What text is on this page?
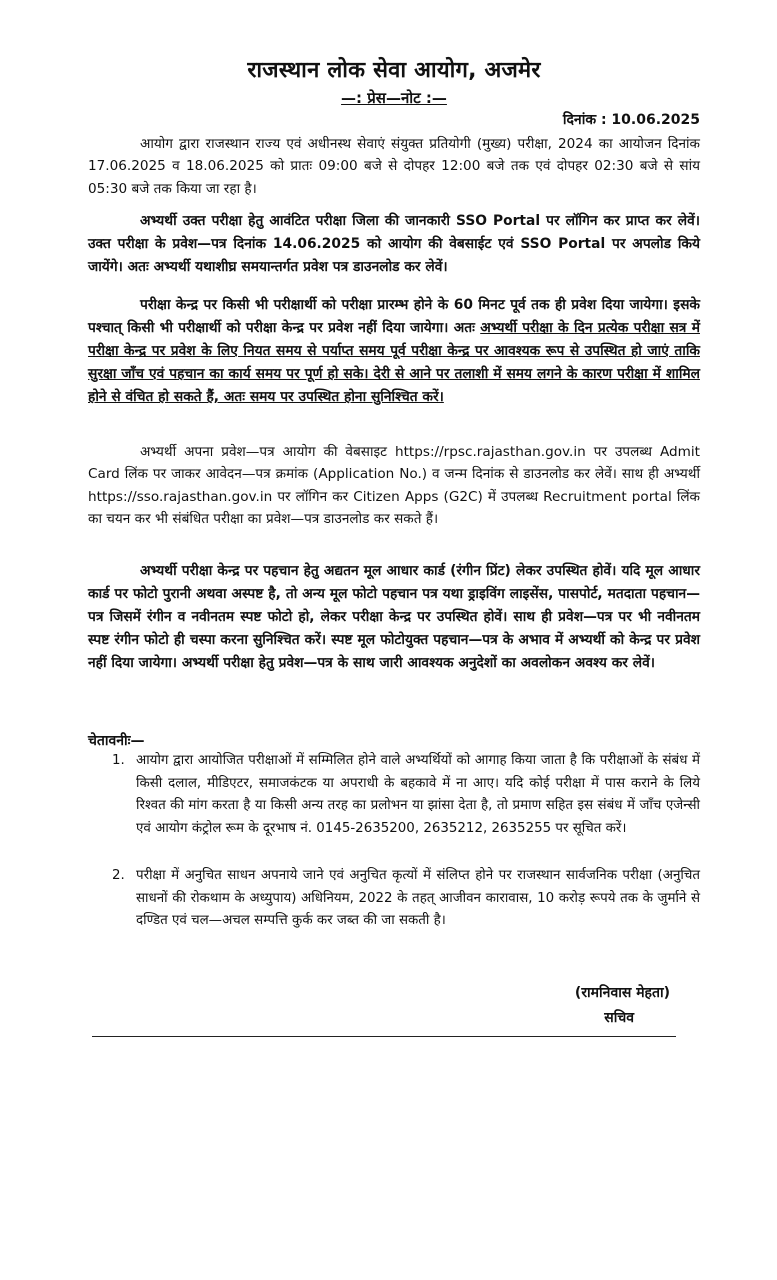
राजस्थान लोक सेवा आयोग, अजमेर
—: प्रेस—नोट :—
दिनांक : 10.06.2025

आयोग द्वारा राजस्थान राज्य एवं अधीनस्थ सेवाएं संयुक्त प्रतियोगी (मुख्य) परीक्षा, 2024 का आयोजन दिनांक 17.06.2025 व 18.06.2025 को प्रातः 09:00 बजे से दोपहर 12:00 बजे तक एवं दोपहर 02:30 बजे से सांय 05:30 बजे तक किया जा रहा है।

अभ्यर्थी उक्त परीक्षा हेतु आवंटित परीक्षा जिला की जानकारी SSO Portal पर लॉगिन कर प्राप्त कर लेवें। उक्त परीक्षा के प्रवेश—पत्र दिनांक 14.06.2025 को आयोग की वेबसाईट एवं SSO Portal पर अपलोड किये जायेंगे। अतः अभ्यर्थी यथाशीघ्र समयान्तर्गत प्रवेश पत्र डाउनलोड कर लेवें।

परीक्षा केन्द्र पर किसी भी परीक्षार्थी को परीक्षा प्रारम्भ होने के 60 मिनट पूर्व तक ही प्रवेश दिया जायेगा। इसके पश्चात् किसी भी परीक्षार्थी को परीक्षा केन्द्र पर प्रवेश नहीं दिया जायेगा। अतः अभ्यर्थी परीक्षा के दिन प्रत्येक परीक्षा सत्र में परीक्षा केन्द्र पर प्रवेश के लिए नियत समय से पर्याप्त समय पूर्व परीक्षा केन्द्र पर आवश्यक रूप से उपस्थित हो जाएं ताकि सुरक्षा जाँच एवं पहचान का कार्य समय पर पूर्ण हो सके। देरी से आने पर तलाशी में समय लगने के कारण परीक्षा में शामिल होने से वंचित हो सकते हैं, अतः समय पर उपस्थित होना सुनिश्चित करें।

अभ्यर्थी अपना प्रवेश—पत्र आयोग की वेबसाइट https://rpsc.rajasthan.gov.in पर उपलब्ध Admit Card लिंक पर जाकर आवेदन—पत्र क्रमांक (Application No.) व जन्म दिनांक से डाउनलोड कर लेवें। साथ ही अभ्यर्थी https://sso.rajasthan.gov.in पर लॉगिन कर Citizen Apps (G2C) में उपलब्ध Recruitment portal लिंक का चयन कर भी संबंधित परीक्षा का प्रवेश—पत्र डाउनलोड कर सकते हैं।

अभ्यर्थी परीक्षा केन्द्र पर पहचान हेतु अद्यतन मूल आधार कार्ड (रंगीन प्रिंट) लेकर उपस्थित होवें। यदि मूल आधार कार्ड पर फोटो पुरानी अथवा अस्पष्ट है, तो अन्य मूल फोटो पहचान पत्र यथा ड्राइविंग लाइसेंस, पासपोर्ट, मतदाता पहचान—पत्र जिसमें रंगीन व नवीनतम स्पष्ट फोटो हो, लेकर परीक्षा केन्द्र पर उपस्थित होवें। साथ ही प्रवेश—पत्र पर भी नवीनतम स्पष्ट रंगीन फोटो ही चस्पा करना सुनिश्चित करें। स्पष्ट मूल फोटोयुक्त पहचान—पत्र के अभाव में अभ्यर्थी को केन्द्र पर प्रवेश नहीं दिया जायेगा। अभ्यर्थी परीक्षा हेतु प्रवेश—पत्र के साथ जारी आवश्यक अनुदेशों का अवलोकन अवश्य कर लेवें।

चेतावनीः—
1. आयोग द्वारा आयोजित परीक्षाओं में सम्मिलित होने वाले अभ्यर्थियों को आगाह किया जाता है कि परीक्षाओं के संबंध में किसी दलाल, मीडिएटर, समाजकंटक या अपराधी के बहकावे में ना आए। यदि कोई परीक्षा में पास कराने के लिये रिश्वत की मांग करता है या किसी अन्य तरह का प्रलोभन या झांसा देता है, तो प्रमाण सहित इस संबंध में जाँच एजेन्सी एवं आयोग कंट्रोल रूम के दूरभाष नं. 0145-2635200, 2635212, 2635255 पर सूचित करें।
2. परीक्षा में अनुचित साधन अपनाये जाने एवं अनुचित कृत्यों में संलिप्त होने पर राजस्थान सार्वजनिक परीक्षा (अनुचित साधनों की रोकथाम के अध्युपाय) अधिनियम, 2022 के तहत् आजीवन कारावास, 10 करोड़ रूपये तक के जुर्माने से दण्डित एवं चल—अचल सम्पत्ति कुर्क कर जब्त की जा सकती है।
(रामनिवास मेहता)
सचिव
